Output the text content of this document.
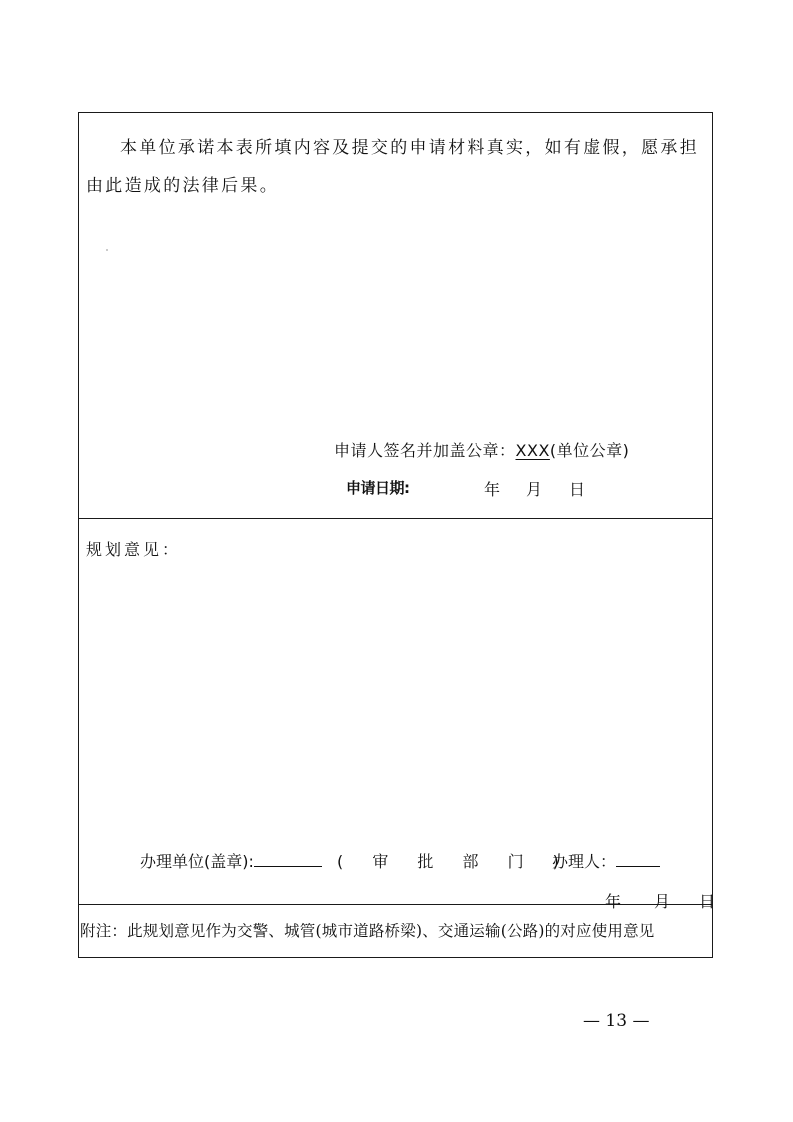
本单位承诺本表所填内容及提交的申请材料真实，如有虚假，愿承担
由此造成的法律后果。
申请人签名并加盖公章：XXX(单位公章)
申请日期:	年 月 日
规划意见：
办理单位(盖章):	( 审 批 部 门 )
办理人：
年 月 日
附注：此规划意见作为交警、城管(城市道路桥梁)、交通运输(公路)的对应使用意见
— 13 —
